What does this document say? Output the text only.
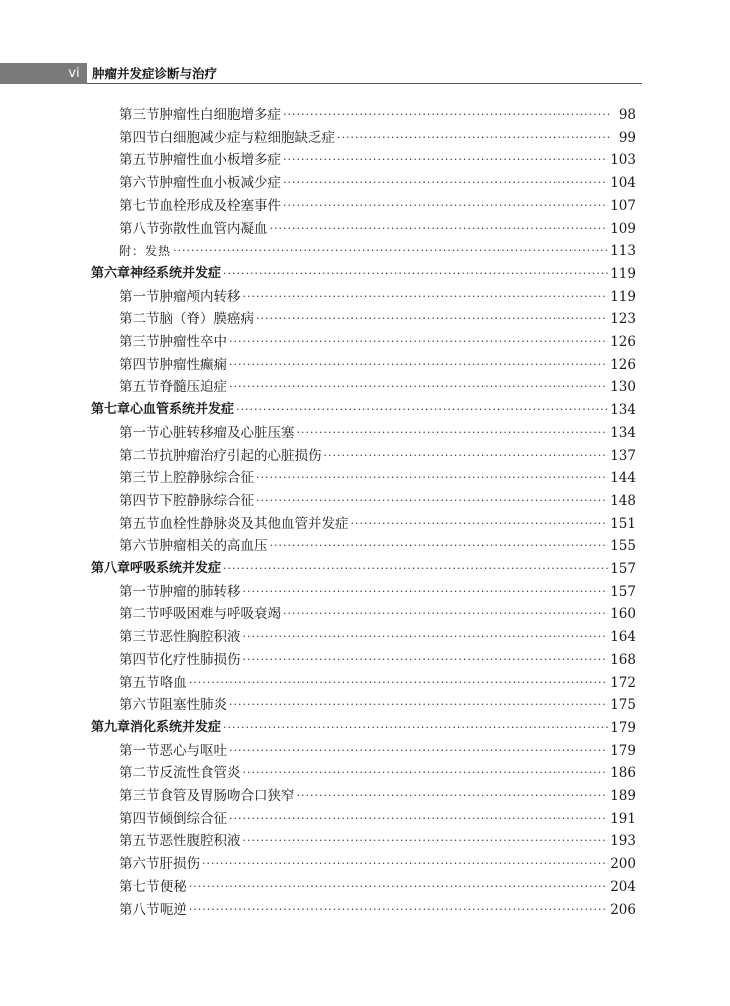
vi 肿瘤并发症诊断与治疗
第三节 肿瘤性白细胞增多症 ·····	98
第四节 白细胞减少症与粒细胞缺乏症 ·····	99
第五节 肿瘤性血小板增多症 ·····	103
第六节 肿瘤性血小板减少症 ·····	104
第七节 血栓形成及栓塞事件 ·····	107
第八节 弥散性血管内凝血 ·····	109
附：发热 ·····	113
第六章 神经系统并发症 ·····	119
第一节 肿瘤颅内转移 ·····	119
第二节 脑（脊）膜癌病 ·····	123
第三节 肿瘤性卒中 ·····	126
第四节 肿瘤性癫痫 ·····	126
第五节 脊髓压迫症 ·····	130
第七章 心血管系统并发症 ·····	134
第一节 心脏转移瘤及心脏压塞 ·····	134
第二节 抗肿瘤治疗引起的心脏损伤 ·····	137
第三节 上腔静脉综合征 ·····	144
第四节 下腔静脉综合征 ·····	148
第五节 血栓性静脉炎及其他血管并发症 ·····	151
第六节 肿瘤相关的高血压 ·····	155
第八章 呼吸系统并发症 ·····	157
第一节 肿瘤的肺转移 ·····	157
第二节 呼吸困难与呼吸衰竭 ·····	160
第三节 恶性胸腔积液 ·····	164
第四节 化疗性肺损伤 ·····	168
第五节 咯血 ·····	172
第六节 阻塞性肺炎 ·····	175
第九章 消化系统并发症 ·····	179
第一节 恶心与呕吐 ·····	179
第二节 反流性食管炎 ·····	186
第三节 食管及胃肠吻合口狭窄 ·····	189
第四节 倾倒综合征 ·····	191
第五节 恶性腹腔积液 ·····	193
第六节 肝损伤 ·····	200
第七节 便秘 ·····	204
第八节 呃逆 ·····	206
